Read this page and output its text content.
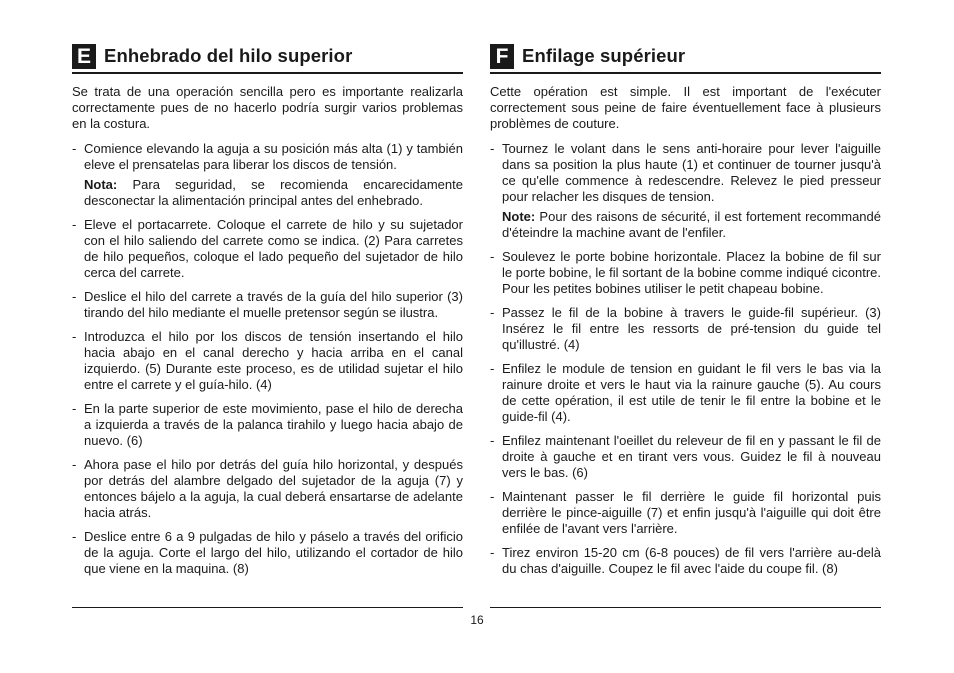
E Enhebrado del hilo superior

Se trata de una operación sencilla pero es importante realizarla correctamente pues de no hacerlo podría surgir varios problemas en la costura.

- Comience elevando la aguja a su posición más alta (1) y también eleve el prensatelas para liberar los discos de tensión.

Nota: Para seguridad, se recomienda encarecidamente desconectar la alimentación principal antes del enhebrado.

- Eleve el portacarrete. Coloque el carrete de hilo y su sujetador con el hilo saliendo del carrete como se indica. (2) Para carretes de hilo pequeños, coloque el lado pequeño del sujetador de hilo cerca del carrete.
- Deslice el hilo del carrete a través de la guía del hilo superior (3) tirando del hilo mediante el muelle pretensor según se ilustra.
- Introduzca el hilo por los discos de tensión insertando el hilo hacia abajo en el canal derecho y hacia arriba en el canal izquierdo. (5) Durante este proceso, es de utilidad sujetar el hilo entre el carrete y el guía-hilo. (4)
- En la parte superior de este movimiento, pase el hilo de derecha a izquierda a través de la palanca tirahilo y luego hacia abajo de nuevo. (6)
- Ahora pase el hilo por detrás del guía hilo horizontal, y después por detrás del alambre delgado del sujetador de la aguja (7) y entonces bájelo a la aguja, la cual deberá ensartarse de adelante hacia atrás.
- Deslice entre 6 a 9 pulgadas de hilo y páselo a través del orificio de la aguja. Corte el largo del hilo, utilizando el cortador de hilo que viene en la maquina. (8)
F Enfilage supérieur

Cette opération est simple. Il est important de l'exécuter correctement sous peine de faire éventuellement face à plusieurs problèmes de couture.

- Tournez le volant dans le sens anti-horaire pour lever l'aiguille dans sa position la plus haute (1) et continuer de tourner jusqu'à ce qu'elle commence à redescendre. Relevez le pied presseur pour relacher les disques de tension.

Note: Pour des raisons de sécurité, il est fortement recommandé d'éteindre la machine avant de l'enfiler.

- Soulevez le porte bobine horizontale. Placez la bobine de fil sur le porte bobine, le fil sortant de la bobine comme indiqué cicontre. Pour les petites bobines utiliser le petit chapeau bobine.
- Passez le fil de la bobine à travers le guide-fil supérieur. (3) Insérez le fil entre les ressorts de pré-tension du guide tel qu'illustré. (4)
- Enfilez le module de tension en guidant le fil vers le bas via la rainure droite et vers le haut via la rainure gauche (5). Au cours de cette opération, il est utile de tenir le fil entre la bobine et le guide-fil (4).
- Enfilez maintenant l'oeillet du releveur de fil en y passant le fil de droite à gauche et en tirant vers vous. Guidez le fil à nouveau vers le bas. (6)
- Maintenant passer le fil derrière le guide fil horizontal puis derrière le pince-aiguille (7) et enfin jusqu'à l'aiguille qui doit être enfilée de l'avant vers l'arrière.
- Tirez environ 15-20 cm (6-8 pouces) de fil vers l'arrière au-delà du chas d'aiguille. Coupez le fil avec l'aide du coupe fil. (8)
16
